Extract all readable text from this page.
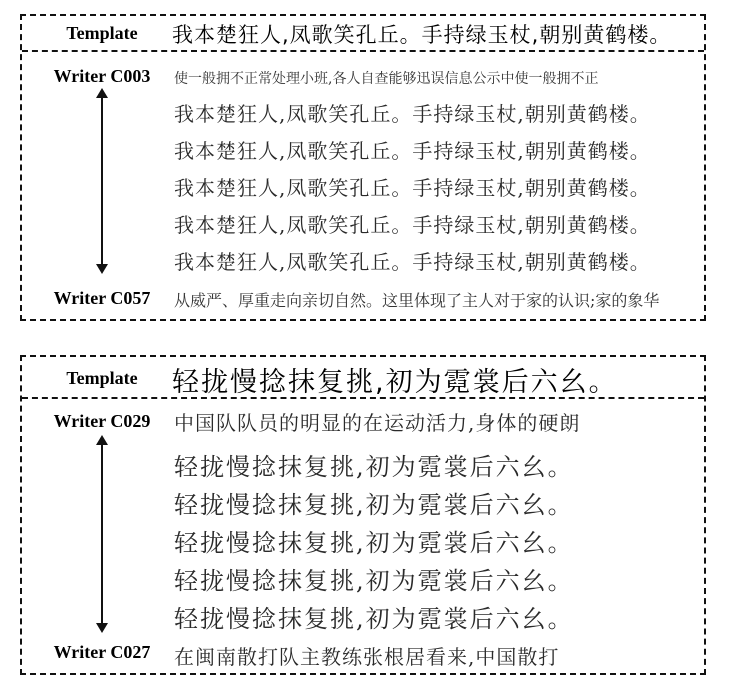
Template	我本楚狂人,凤歌笑孔丘。手持绿玉杖,朝别黄鹤楼。
Writer C003
Writer C057
使一般拥不正常处理小班,各人自查能够迅误信息公示中使一般拥不正
我本楚狂人,凤歌笑孔丘。手持绿玉杖,朝别黄鹤楼。
我本楚狂人,凤歌笑孔丘。手持绿玉杖,朝别黄鹤楼。
我本楚狂人,凤歌笑孔丘。手持绿玉杖,朝别黄鹤楼。
我本楚狂人,凤歌笑孔丘。手持绿玉杖,朝别黄鹤楼。
我本楚狂人,凤歌笑孔丘。手持绿玉杖,朝别黄鹤楼。
从威严、厚重走向亲切自然。这里体现了主人对于家的认识;家的象华
Template	轻拢慢捻抹复挑,初为霓裳后六幺。
Writer C029
Writer C027
中国队队员的明显的在运动活力,身体的硬朗
轻拢慢捻抹复挑,初为霓裳后六幺。
轻拢慢捻抹复挑,初为霓裳后六幺。
轻拢慢捻抹复挑,初为霓裳后六幺。
轻拢慢捻抹复挑,初为霓裳后六幺。
轻拢慢捻抹复挑,初为霓裳后六幺。
在闽南散打队主教练张根居看来,中国散打
